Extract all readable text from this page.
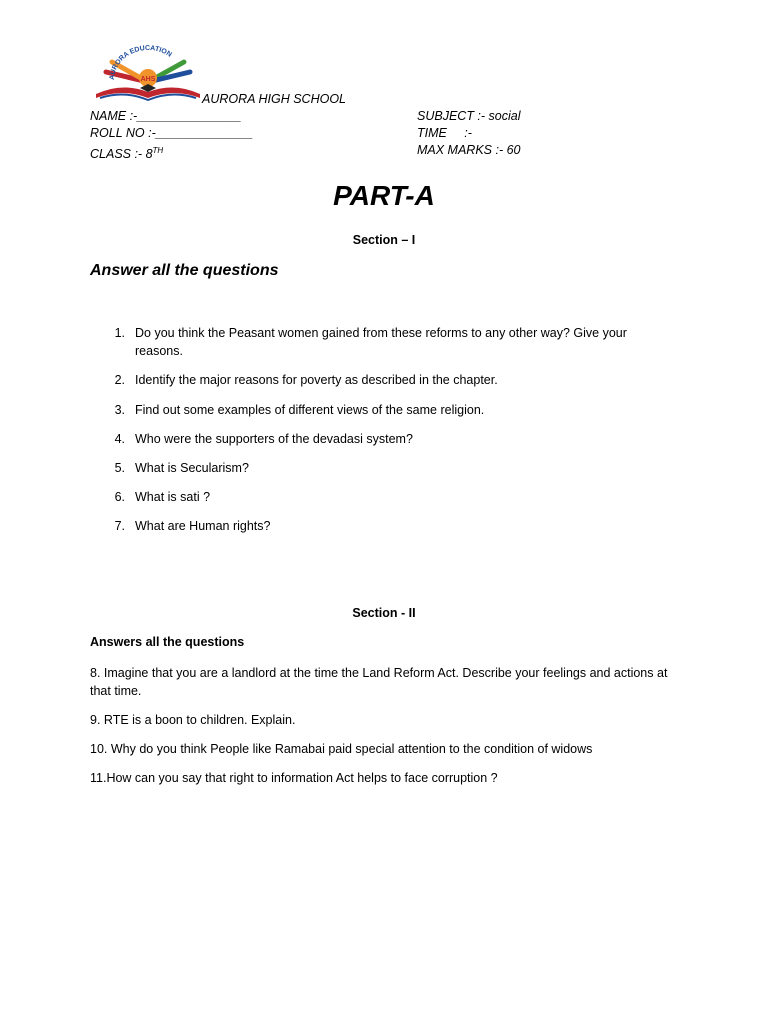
AURORA EDUCATION
AHS
AURORA HIGH SCHOOL
NAME :-_______________
ROLL NO :-______________
CLASS :- 8TH
SUBJECT :- social
TIME     :-
MAX MARKS :- 60
PART-A
Section – I
Answer all the questions
1. Do you think the Peasant women gained from these reforms to any other way? Give your
reasons.
2. Identify the major reasons for poverty as described in the chapter.
3. Find out some examples of different views of the same religion.
4. Who were the supporters of the devadasi system?
5. What is Secularism?
6. What is sati ?
7. What are Human rights?
Section - II
Answers all the questions
8. Imagine that you are a landlord at the time the Land Reform Act. Describe your feelings and actions at
that time.
9. RTE is a boon to children. Explain.
10. Why do you think People like Ramabai paid special attention to the condition of widows
11.How can you say that right to information Act helps to face corruption ?
